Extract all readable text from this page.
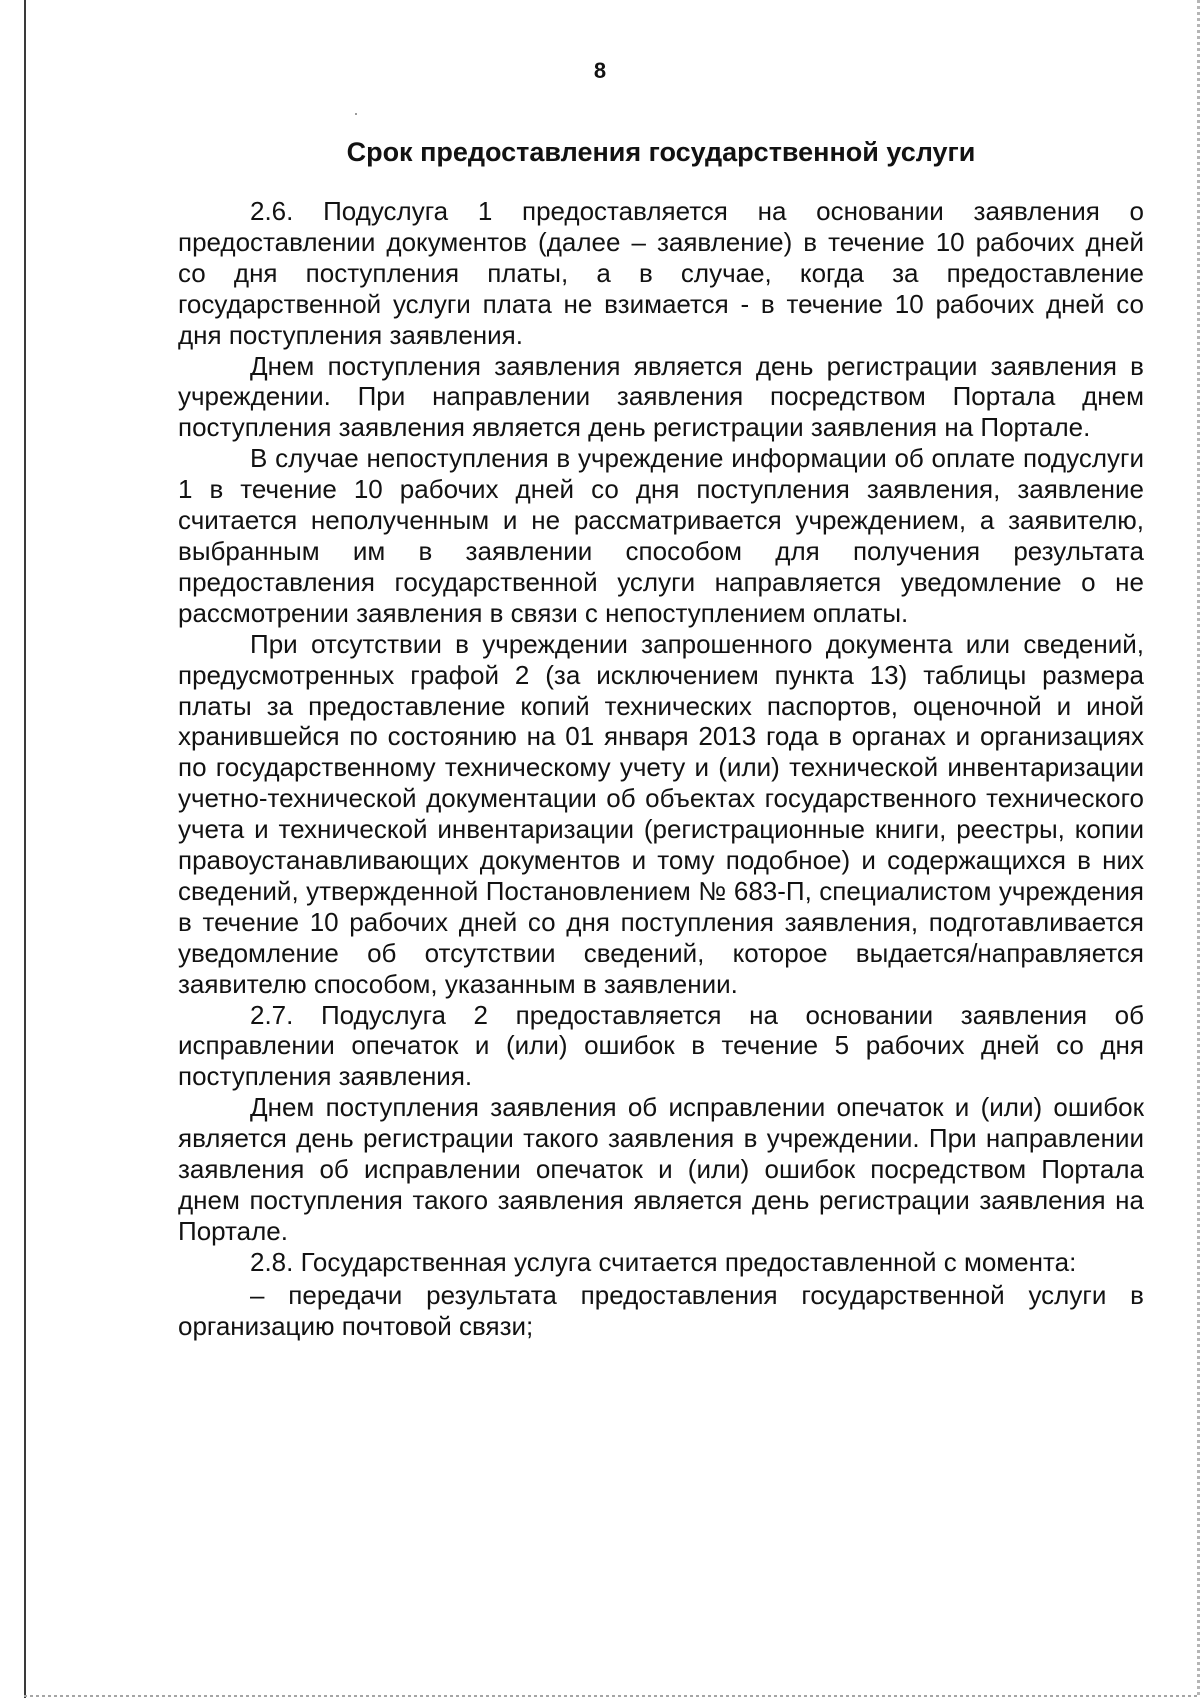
8

Срок предоставления государственной услуги

2.6. Подуслуга 1 предоставляется на основании заявления о предоставлении документов (далее – заявление) в течение 10 рабочих дней со дня поступления платы, а в случае, когда за предоставление государственной услуги плата не взимается - в течение 10 рабочих дней со дня поступления заявления.

Днем поступления заявления является день регистрации заявления в учреждении. При направлении заявления посредством Портала днем поступления заявления является день регистрации заявления на Портале.

В случае непоступления в учреждение информации об оплате подуслуги 1 в течение 10 рабочих дней со дня поступления заявления, заявление считается неполученным и не рассматривается учреждением, а заявителю, выбранным им в заявлении способом для получения результата предоставления государственной услуги направляется уведомление о не рассмотрении заявления в связи с непоступлением оплаты.

При отсутствии в учреждении запрошенного документа или сведений, предусмотренных графой 2 (за исключением пункта 13) таблицы размера платы за предоставление копий технических паспортов, оценочной и иной хранившейся по состоянию на 01 января 2013 года в органах и организациях по государственному техническому учету и (или) технической инвентаризации учетно-технической документации об объектах государственного технического учета и технической инвентаризации (регистрационные книги, реестры, копии правоустанавливающих документов и тому подобное) и содержащихся в них сведений, утвержденной Постановлением № 683-П, специалистом учреждения в течение 10 рабочих дней со дня поступления заявления, подготавливается уведомление об отсутствии сведений, которое выдается/направляется заявителю способом, указанным в заявлении.

2.7. Подуслуга 2 предоставляется на основании заявления об исправлении опечаток и (или) ошибок в течение 5 рабочих дней со дня поступления заявления.

Днем поступления заявления об исправлении опечаток и (или) ошибок является день регистрации такого заявления в учреждении. При направлении заявления об исправлении опечаток и (или) ошибок посредством Портала днем поступления такого заявления является день регистрации заявления на Портале.

2.8. Государственная услуга считается предоставленной с момента:

– передачи результата предоставления государственной услуги в организацию почтовой связи;
